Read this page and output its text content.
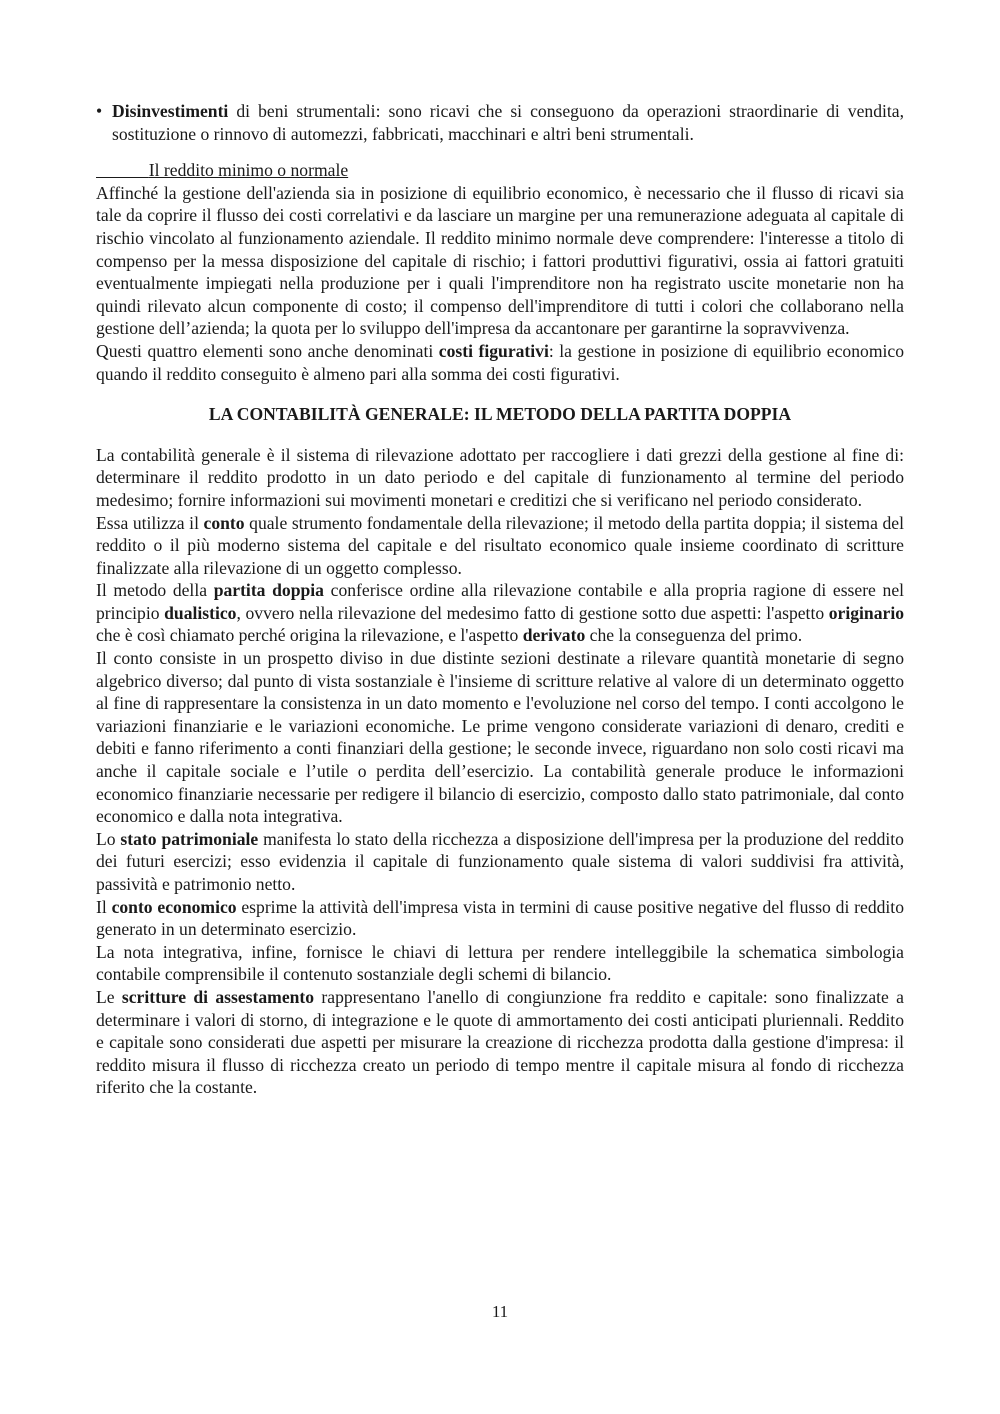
• Disinvestimenti di beni strumentali: sono ricavi che si conseguono da operazioni straordinarie di vendita, sostituzione o rinnovo di automezzi, fabbricati, macchinari e altri beni strumentali.
Il reddito minimo o normale

Affinché la gestione dell'azienda sia in posizione di equilibrio economico, è necessario che il flusso di ricavi sia tale da coprire il flusso dei costi correlativi e da lasciare un margine per una remunerazione adeguata al capitale di rischio vincolato al funzionamento aziendale. Il reddito minimo normale deve comprendere: l'interesse a titolo di compenso per la messa disposizione del capitale di rischio; i fattori produttivi figurativi, ossia ai fattori gratuiti eventualmente impiegati nella produzione per i quali l'imprenditore non ha registrato uscite monetarie non ha quindi rilevato alcun componente di costo; il compenso dell'imprenditore di tutti i colori che collaborano nella gestione dell’azienda; la quota per lo sviluppo dell'impresa da accantonare per garantirne la sopravvivenza.

Questi quattro elementi sono anche denominati costi figurativi: la gestione in posizione di equilibrio economico quando il reddito conseguito è almeno pari alla somma dei costi figurativi.

LA CONTABILITÀ GENERALE: IL METODO DELLA PARTITA DOPPIA

La contabilità generale è il sistema di rilevazione adottato per raccogliere i dati grezzi della gestione al fine di: determinare il reddito prodotto in un dato periodo e del capitale di funzionamento al termine del periodo medesimo; fornire informazioni sui movimenti monetari e creditizi che si verificano nel periodo considerato.

Essa utilizza il conto quale strumento fondamentale della rilevazione; il metodo della partita doppia; il sistema del reddito o il più moderno sistema del capitale e del risultato economico quale insieme coordinato di scritture finalizzate alla rilevazione di un oggetto complesso.

Il metodo della partita doppia conferisce ordine alla rilevazione contabile e alla propria ragione di essere nel principio dualistico, ovvero nella rilevazione del medesimo fatto di gestione sotto due aspetti: l'aspetto originario che è così chiamato perché origina la rilevazione, e l'aspetto derivato che la conseguenza del primo.

Il conto consiste in un prospetto diviso in due distinte sezioni destinate a rilevare quantità monetarie di segno algebrico diverso; dal punto di vista sostanziale è l'insieme di scritture relative al valore di un determinato oggetto al fine di rappresentare la consistenza in un dato momento e l'evoluzione nel corso del tempo. I conti accolgono le variazioni finanziarie e le variazioni economiche. Le prime vengono considerate variazioni di denaro, crediti e debiti e fanno riferimento a conti finanziari della gestione; le seconde invece, riguardano non solo costi ricavi ma anche il capitale sociale e l’utile o perdita dell’esercizio. La contabilità generale produce le informazioni economico finanziarie necessarie per redigere il bilancio di esercizio, composto dallo stato patrimoniale, dal conto economico e dalla nota integrativa.

Lo stato patrimoniale manifesta lo stato della ricchezza a disposizione dell'impresa per la produzione del reddito dei futuri esercizi; esso evidenzia il capitale di funzionamento quale sistema di valori suddivisi fra attività, passività e patrimonio netto.

Il conto economico esprime la attività dell'impresa vista in termini di cause positive negative del flusso di reddito generato in un determinato esercizio.

La nota integrativa, infine, fornisce le chiavi di lettura per rendere intelleggibile la schematica simbologia contabile comprensibile il contenuto sostanziale degli schemi di bilancio.

Le scritture di assestamento rappresentano l'anello di congiunzione fra reddito e capitale: sono finalizzate a determinare i valori di storno, di integrazione e le quote di ammortamento dei costi anticipati pluriennali. Reddito e capitale sono considerati due aspetti per misurare la creazione di ricchezza prodotta dalla gestione d'impresa: il reddito misura il flusso di ricchezza creato un periodo di tempo mentre il capitale misura al fondo di ricchezza riferito che la costante.

11
